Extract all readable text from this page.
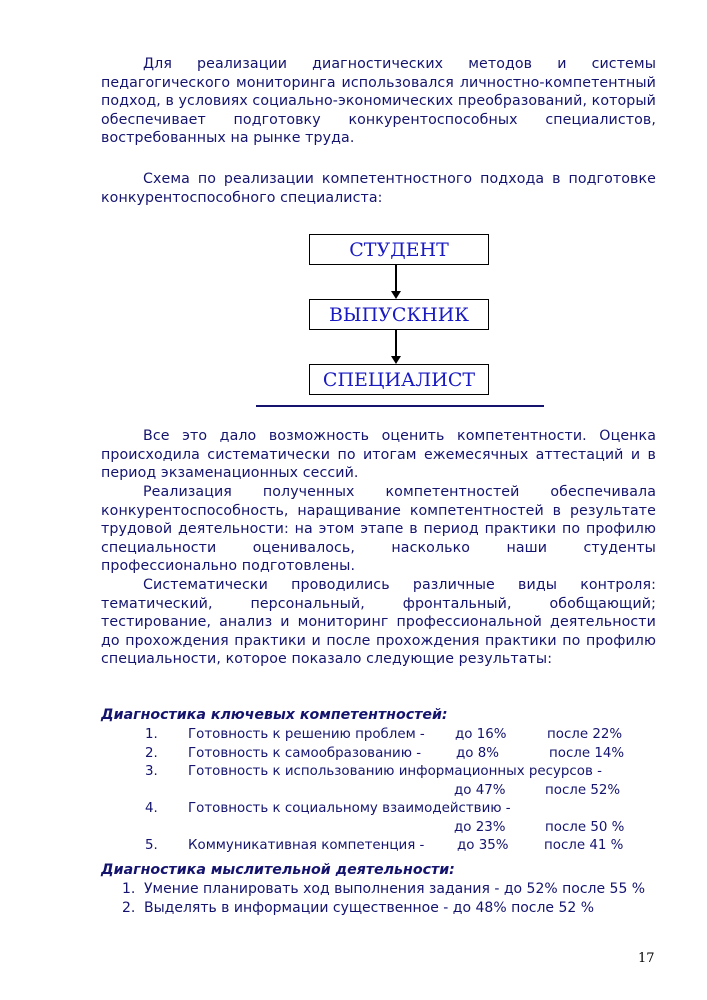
Для реализации диагностических методов и системы педагогического мониторинга использовался личностно-компетентный подход, в условиях социально-экономических преобразований, который обеспечивает подготовку конкурентоспособных специалистов, востребованных на рынке труда.

Схема по реализации компетентностного подхода в подготовке конкурентоспособного специалиста:

СТУДЕНТ
ВЫПУСКНИК
СПЕЦИАЛИСТ

Все это дало возможность оценить компетентности. Оценка происходила систематически по итогам ежемесячных аттестаций и в период экзаменационных сессий.

Реализация полученных компетентностей обеспечивала конкурентоспособность, наращивание компетентностей в результате трудовой деятельности: на этом этапе в период практики по профилю специальности оценивалось, насколько наши студенты профессионально подготовлены.

Систематически проводились различные виды контроля: тематический, персональный, фронтальный, обобщающий; тестирование, анализ и мониторинг профессиональной деятельности до прохождения практики и после прохождения практики по профилю специальности, которое показало следующие результаты:

Диагностика ключевых компетентностей:

1. Готовность к решению проблем - до 16%	после 22%
2. Готовность к самообразованию -	до 8%	после 14%
3. Готовность к использованию информационных ресурсов -
до 47%	после 52%
4. Готовность к социальному взаимодействию -
до 23%	после 50 %
5. Коммуникативная компетенция - до 35%	после 41 %

Диагностика мыслительной деятельности:

1. Умение планировать ход выполнения задания - до 52% после 55 %
2. Выделять в информации существенное - до 48% после 52 %
17
